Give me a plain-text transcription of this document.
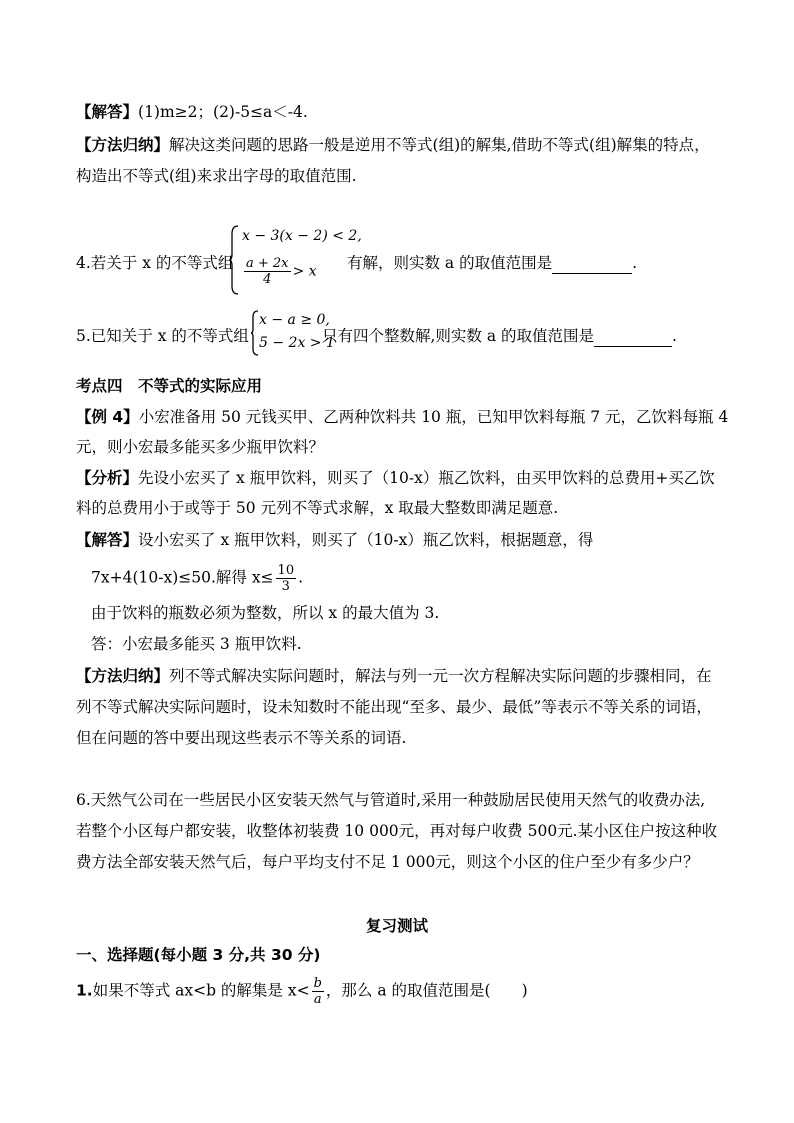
【解答】(1)m≥2；(2)-5≤a＜-4.
【方法归纳】解决这类问题的思路一般是逆用不等式(组)的解集,借助不等式(组)解集的特点，
构造出不等式(组)来求出字母的取值范围.
4.若关于 x 的不等式组
x − 3(x − 2) < 2,
$\frac{a + 2x}{4} > x$ 有解，则实数 a 的取值范围是	.
5.已知关于 x 的不等式组
x − a ≥ 0,
5 − 2x > 1
只有四个整数解,则实数 a 的取值范围是	.
考点四　不等式的实际应用
【例 4】小宏准备用 50 元钱买甲、乙两种饮料共 10 瓶，已知甲饮料每瓶 7 元，乙饮料每瓶 4
元，则小宏最多能买多少瓶甲饮料？
【分析】先设小宏买了 x 瓶甲饮料，则买了（10-x）瓶乙饮料，由买甲饮料的总费用+买乙饮
料的总费用小于或等于 50 元列不等式求解，x 取最大整数即满足题意.
【解答】设小宏买了 x 瓶甲饮料，则买了（10-x）瓶乙饮料，根据题意，得
7x+4(10-x)≤50.解得 $x\le \frac{10}{3}$ .
由于饮料的瓶数必须为整数，所以 x 的最大值为 3.
答：小宏最多能买 3 瓶甲饮料.
【方法归纳】列不等式解决实际问题时，解法与列一元一次方程解决实际问题的步骤相同，在
列不等式解决实际问题时，设未知数时不能出现“至多、最少、最低”等表示不等关系的词语，
但在问题的答中要出现这些表示不等关系的词语.
6.天然气公司在一些居民小区安装天然气与管道时,采用一种鼓励居民使用天然气的收费办法,
若整个小区每户都安装，收整体初装费 10 000元，再对每户收费 500元.某小区住户按这种收
费方法全部安装天然气后，每户平均支付不足 1 000元，则这个小区的住户至少有多少户？
复习测试
一、选择题(每小题 3 分,共 30 分)
1.如果不等式 ax<b 的解集是 $x< \frac{b}{a}$ ，那么 a 的取值范围是(　　)
